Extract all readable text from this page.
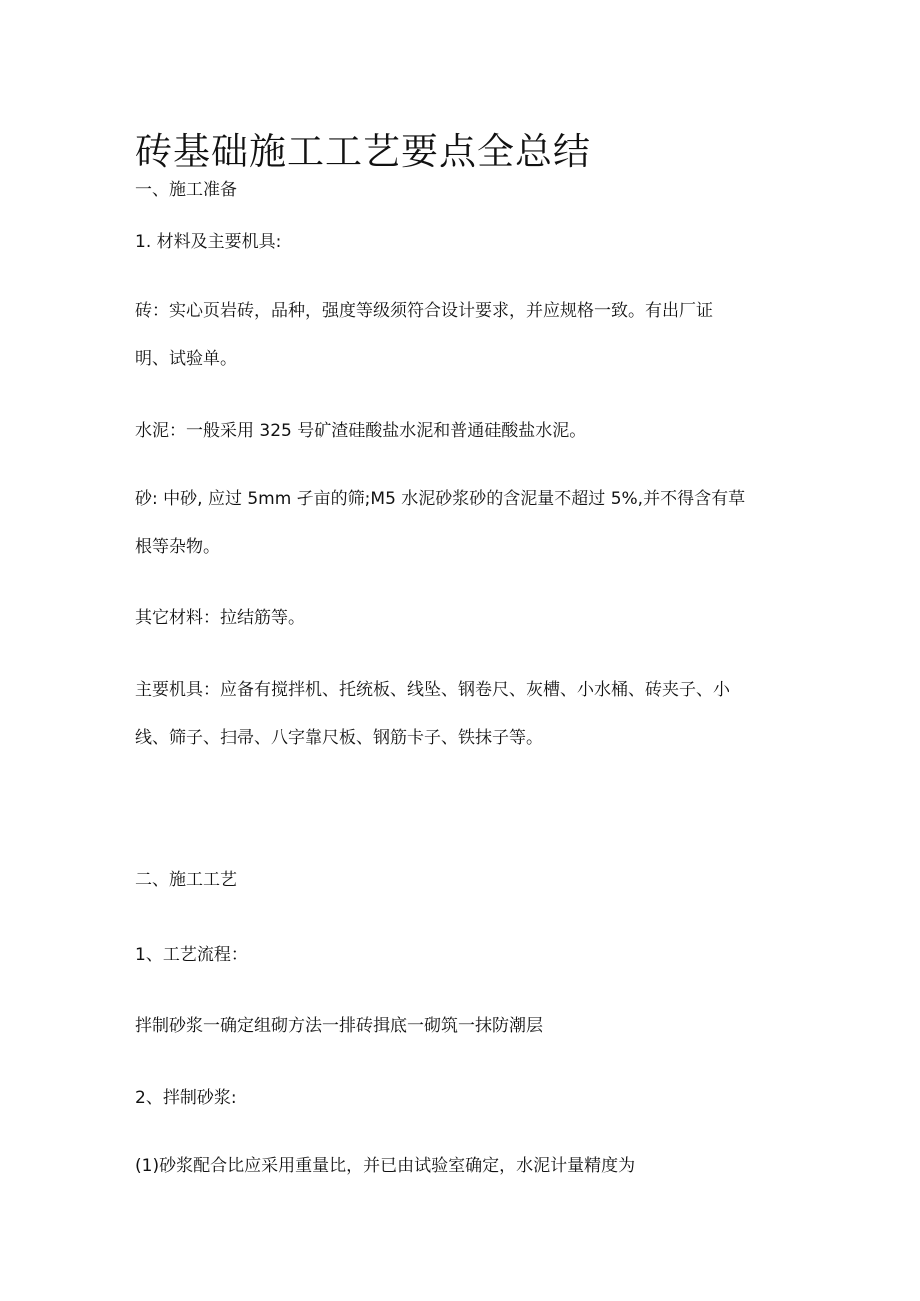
砖基础施工工艺要点全总结
一、施工准备
1. 材料及主要机具:
砖：实心页岩砖，品种，强度等级须符合设计要求，并应规格一致。有出厂证
明、试验单。
水泥：一般采用 325 号矿渣硅酸盐水泥和普通硅酸盐水泥。
砂: 中砂, 应过 5mm 孑亩的筛;M5 水泥砂浆砂的含泥量不超过 5%,并不得含有草
根等杂物。
其它材料：拉结筋等。
主要机具：应备有搅拌机、托统板、线坠、钢卷尺、灰槽、小水桶、砖夹子、小
线、筛子、扫帚、八字靠尺板、钢筋卡子、铁抹子等。
二、施工工艺
1、工艺流程：
拌制砂浆一确定组砌方法一排砖揖底一砌筑一抹防潮层
2、拌制砂浆:
(1)砂浆配合比应采用重量比，并已由试验室确定，水泥计量精度为
